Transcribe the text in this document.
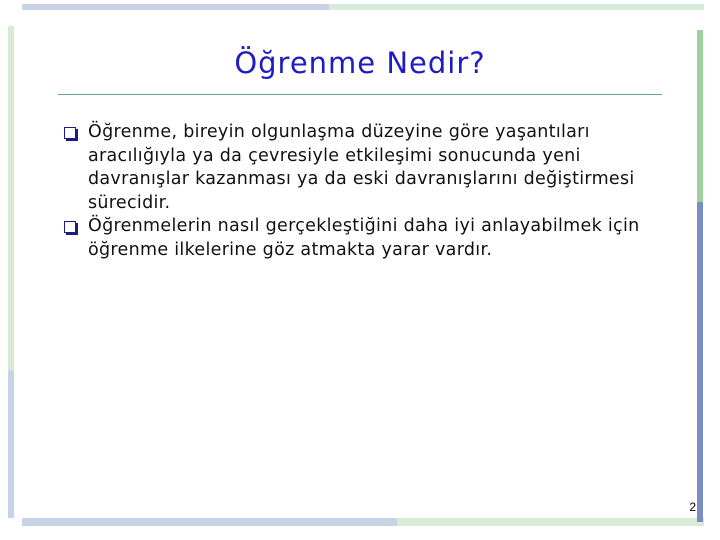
Öğrenme Nedir?
Öğrenme, bireyin olgunlaşma düzeyine göre yaşantıları aracılığıyla ya da çevresiyle etkileşimi sonucunda yeni davranışlar kazanması ya da eski davranışlarını değiştirmesi sürecidir.
Öğrenmelerin nasıl gerçekleştiğini daha iyi anlayabilmek için öğrenme ilkelerine göz atmakta yarar vardır.
2
